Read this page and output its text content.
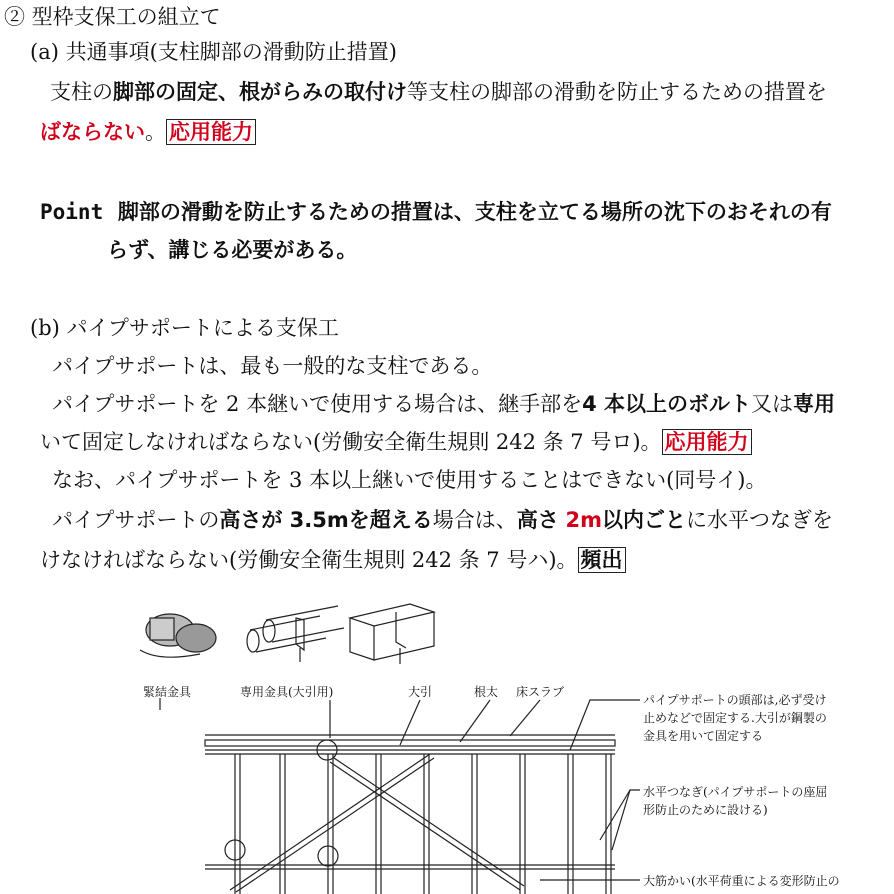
② 型枠支保工の組立て
(a) 共通事項(支柱脚部の滑動防止措置)
支柱の脚部の固定、根がらみの取付け等支柱の脚部の滑動を防止するための措置を
ばならない。 応用能力
Point 脚部の滑動を防止するための措置は、支柱を立てる場所の沈下のおそれの有
らず、講じる必要がある。
(b) パイプサポートによる支保工
パイプサポートは、最も一般的な支柱である。
パイプサポートを 2 本継いで使用する場合は、継手部を4 本以上のボルト又は専用
いて固定しなければならない(労働安全衛生規則 242 条 7 号ロ)。 応用能力
なお、パイプサポートを 3 本以上継いで使用することはできない(同号イ)。
パイプサポートの高さが 3.5mを超える場合は、高さ 2m以内ごとに水平つなぎを
けなければならない(労働安全衛生規則 242 条 7 号ハ)。 頻出
緊結金具	専用金具(大引用)	大引	根太 床スラブ
パイプサポートの頭部は,必ず受け
止めなどで固定する.大引が鋼製の
金具を用いて固定する
水平つなぎ(パイプサポートの座屈
形防止のために設ける)
大筋かい(水平荷重による変形防止の
